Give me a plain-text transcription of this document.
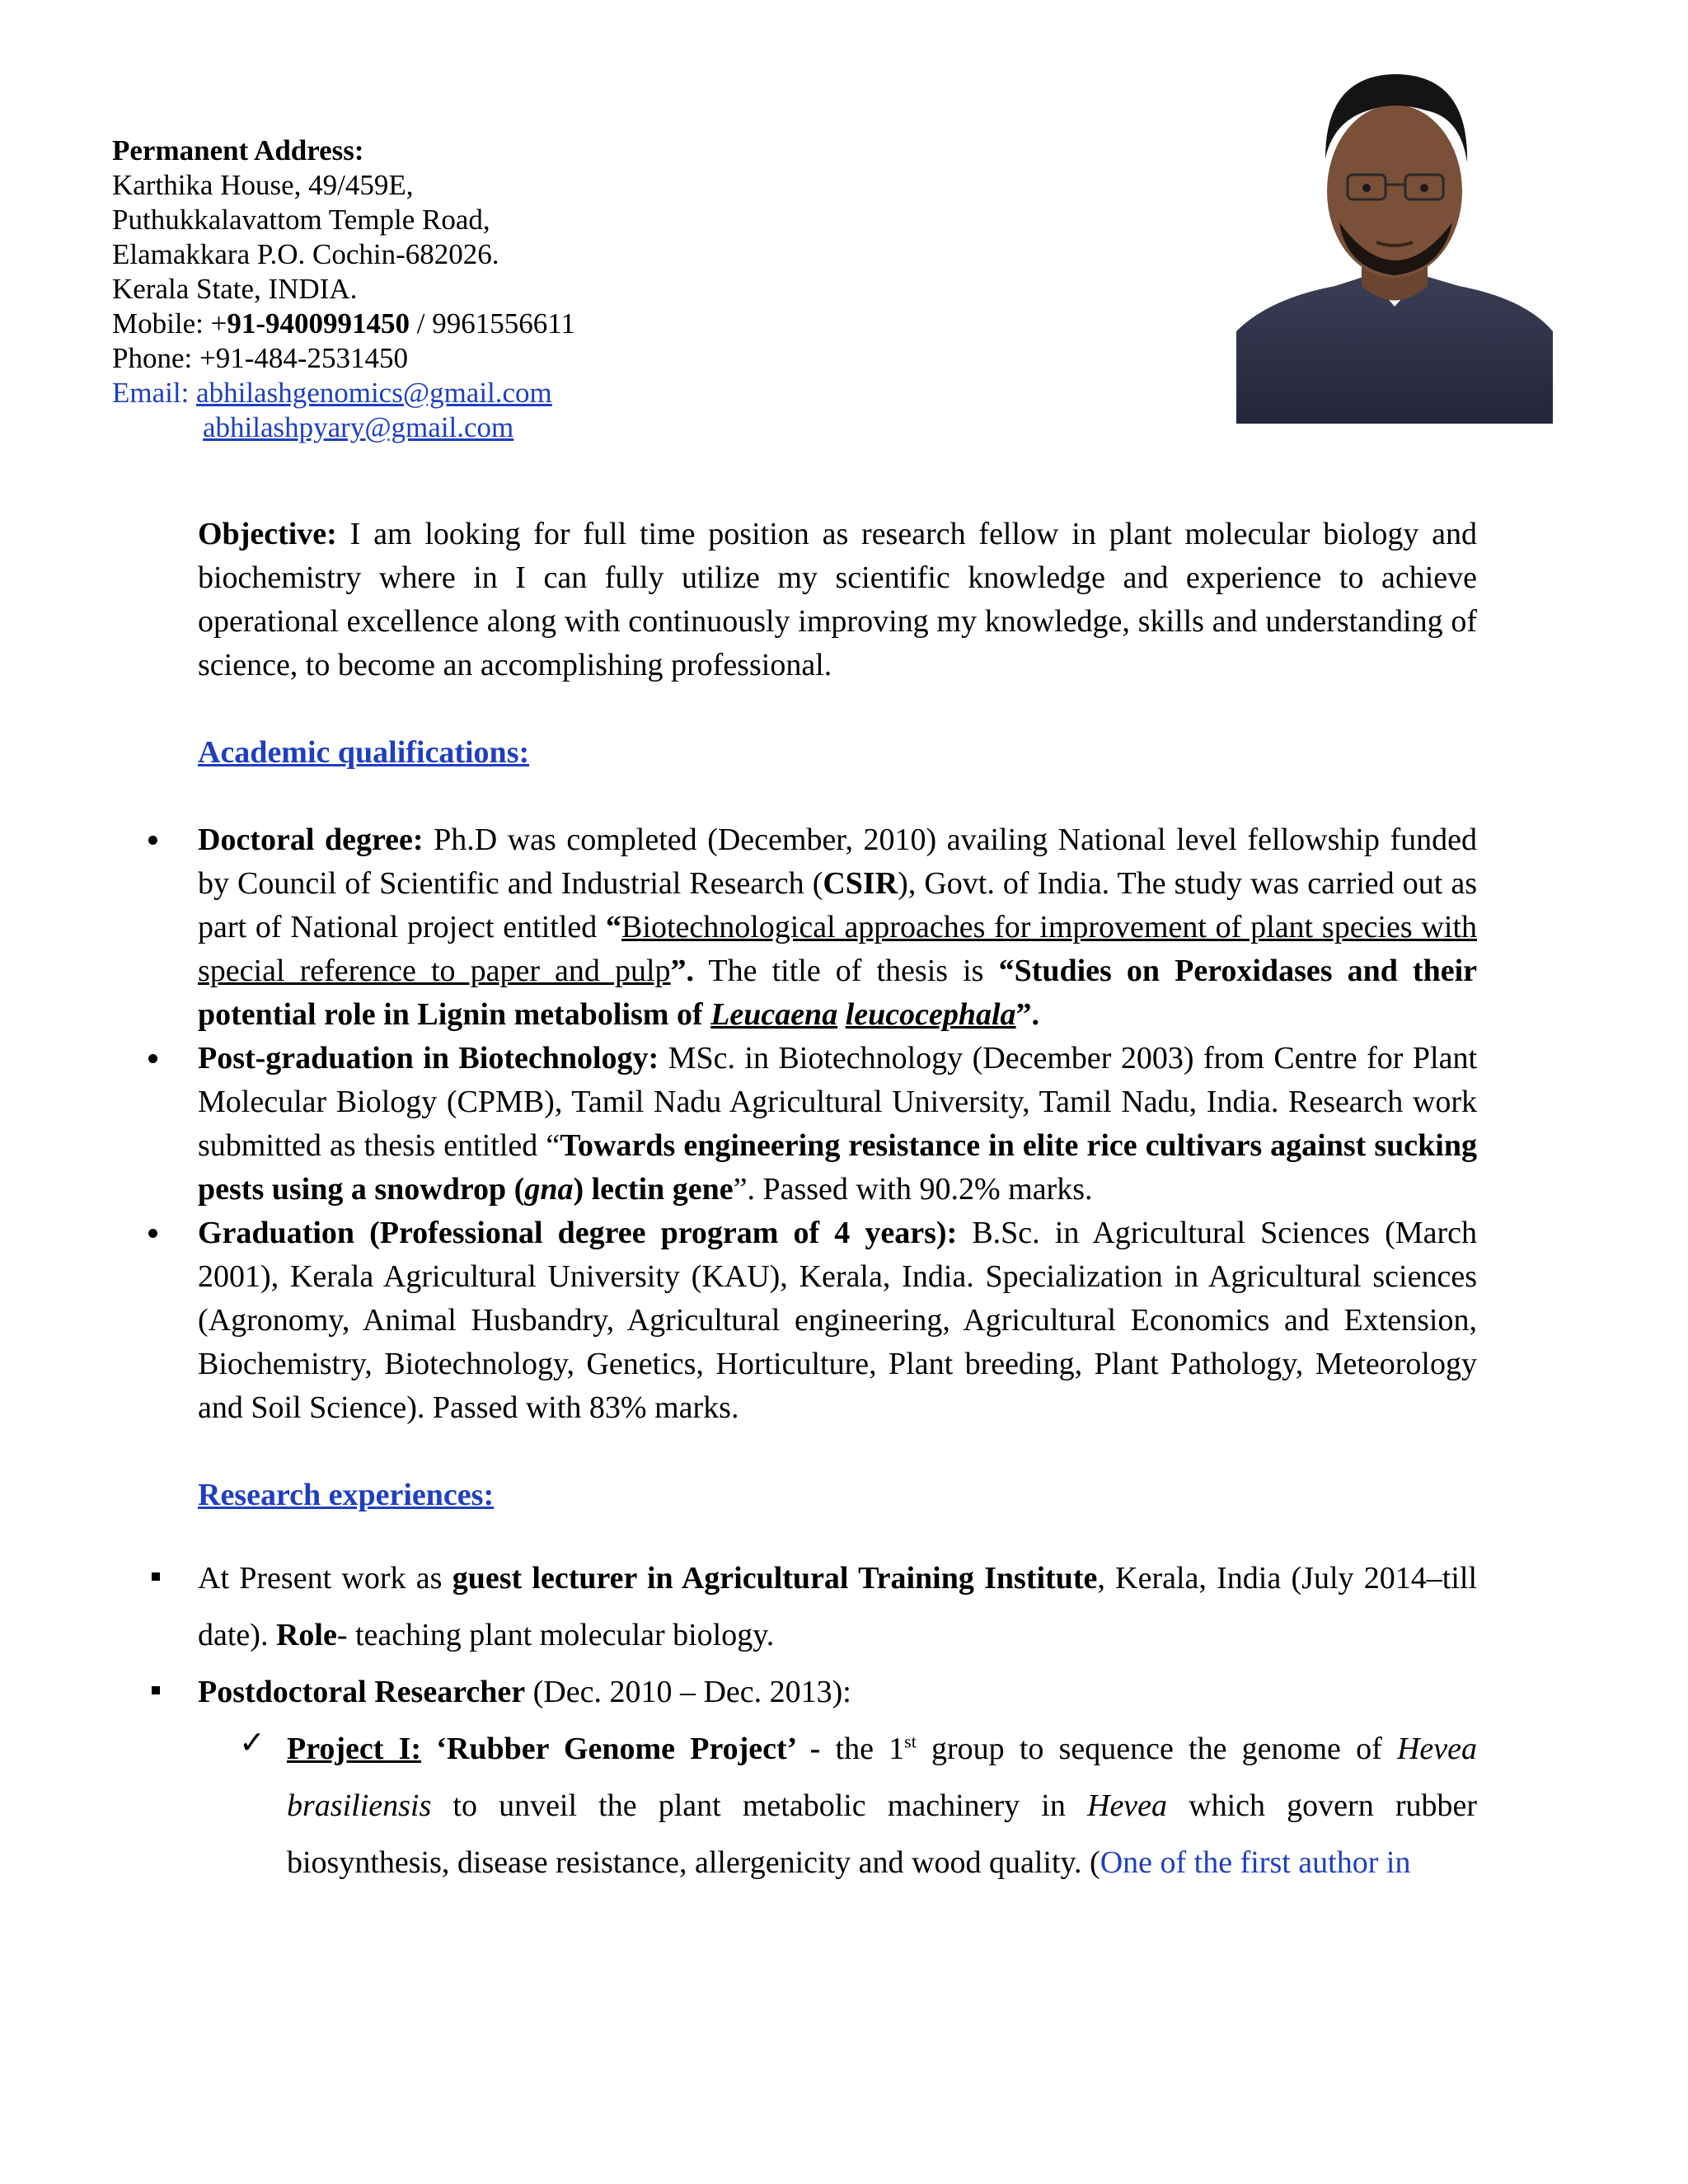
Permanent Address:
Karthika House, 49/459E,
Puthukkalavattom Temple Road,
Elamakkara P.O. Cochin-682026.
Kerala State, INDIA.
Mobile: +91-9400991450 / 9961556611
Phone: +91-484-2531450
Email: abhilashgenomics@gmail.com
abhilashpyary@gmail.com

Objective: I am looking for full time position as research fellow in plant molecular biology and biochemistry where in I can fully utilize my scientific knowledge and experience to achieve operational excellence along with continuously improving my knowledge, skills and understanding of science, to become an accomplishing professional.

Academic qualifications:
Doctoral degree: Ph.D was completed (December, 2010) availing National level fellowship funded by Council of Scientific and Industrial Research (CSIR), Govt. of India. The study was carried out as part of National project entitled “Biotechnological approaches for improvement of plant species with special reference to paper and pulp”. The title of thesis is “Studies on Peroxidases and their potential role in Lignin metabolism of Leucaena leucocephala”.
Post-graduation in Biotechnology: MSc. in Biotechnology (December 2003) from Centre for Plant Molecular Biology (CPMB), Tamil Nadu Agricultural University, Tamil Nadu, India. Research work submitted as thesis entitled “Towards engineering resistance in elite rice cultivars against sucking pests using a snowdrop (gna) lectin gene”. Passed with 90.2% marks.
Graduation (Professional degree program of 4 years): B.Sc. in Agricultural Sciences (March 2001), Kerala Agricultural University (KAU), Kerala, India. Specialization in Agricultural sciences (Agronomy, Animal Husbandry, Agricultural engineering, Agricultural Economics and Extension, Biochemistry, Biotechnology, Genetics, Horticulture, Plant breeding, Plant Pathology, Meteorology and Soil Science). Passed with 83% marks.
Research experiences:
At Present work as guest lecturer in Agricultural Training Institute, Kerala, India (July 2014–till date). Role- teaching plant molecular biology.
Postdoctoral Researcher (Dec. 2010 – Dec. 2013):
✓ Project I: ‘Rubber Genome Project’ - the 1st group to sequence the genome of Hevea brasiliensis to unveil the plant metabolic machinery in Hevea which govern rubber biosynthesis, disease resistance, allergenicity and wood quality. (One of the first author in
